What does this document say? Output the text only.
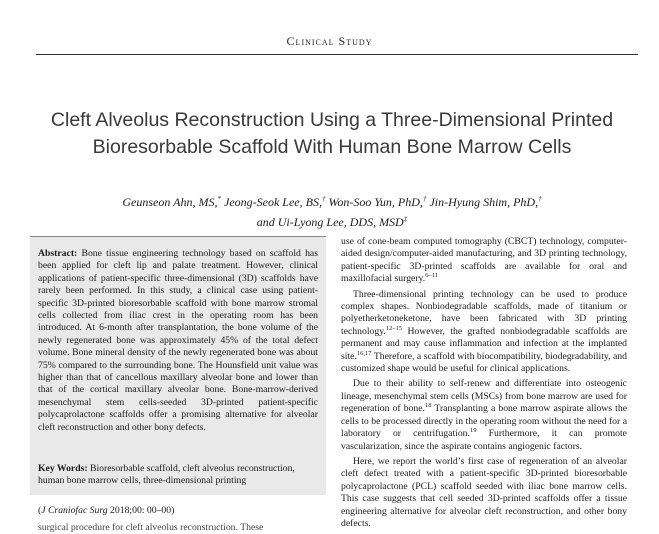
Clinical Study
Cleft Alveolus Reconstruction Using a Three-Dimensional Printed Bioresorbable Scaffold With Human Bone Marrow Cells
Geunseon Ahn, MS,* Jeong-Seok Lee, BS,† Won-Soo Yun, PhD,† Jin-Hyung Shim, PhD,†
and Ui-Lyong Lee, DDS, MSD‡
Abstract: Bone tissue engineering technology based on scaffold has been applied for cleft lip and palate treatment. However, clinical applications of patient-specific three-dimensional (3D) scaffolds have rarely been performed. In this study, a clinical case using patient-specific 3D-printed bioresorbable scaffold with bone marrow stromal cells collected from iliac crest in the operating room has been introduced. At 6-month after transplantation, the bone volume of the newly regenerated bone was approximately 45% of the total defect volume. Bone mineral density of the newly regenerated bone was about 75% compared to the surrounding bone. The Hounsfield unit value was higher than that of cancellous maxillary alveolar bone and lower than that of the cortical maxillary alveolar bone. Bone-marrow-derived mesenchymal stem cells-seeded 3D-printed patient-specific polycaprolactone scaffolds offer a promising alternative for alveolar cleft reconstruction and other bony defects.
Key Words: Bioresorbable scaffold, cleft alveolus reconstruction, human bone marrow cells, three-dimensional printing
(J Craniofac Surg 2018;00: 00–00)
surgical procedure for cleft alveolus reconstruction. These

use of cone-beam computed tomography (CBCT) technology, computer-aided design/computer-aided manufacturing, and 3D printing technology, patient-specific 3D-printed scaffolds are available for oral and maxillofacial surgery.$^{6-11}$

Three-dimensional printing technology can be used to produce complex shapes. Nonbiodegradable scaffolds, made of titanium or polyetherketoneketone, have been fabricated with 3D printing technology.$^{12-15}$ However, the grafted nonbiodegradable scaffolds are permanent and may cause inflammation and infection at the implanted site.$^{16,17}$ Therefore, a scaffold with biocompatibility, biodegradability, and customized shape would be useful for clinical applications.

Due to their ability to self-renew and differentiate into osteogenic lineage, mesenchymal stem cells (MSCs) from bone marrow are used for regeneration of bone.$^{18}$ Transplanting a bone marrow aspirate allows the cells to be processed directly in the operating room without the need for a laboratory or centrifugation.$^{19}$ Furthermore, it can promote vascularization, since the aspirate contains angiogenic factors.

Here, we report the world’s first case of regeneration of an alveolar cleft defect treated with a patient-specific 3D-printed bioresorbable polycaprolactone (PCL) scaffold seeded with iliac bone marrow cells. This case suggests that cell seeded 3D-printed scaffolds offer a tissue engineering alternative for alveolar cleft reconstruction, and other bony defects.
